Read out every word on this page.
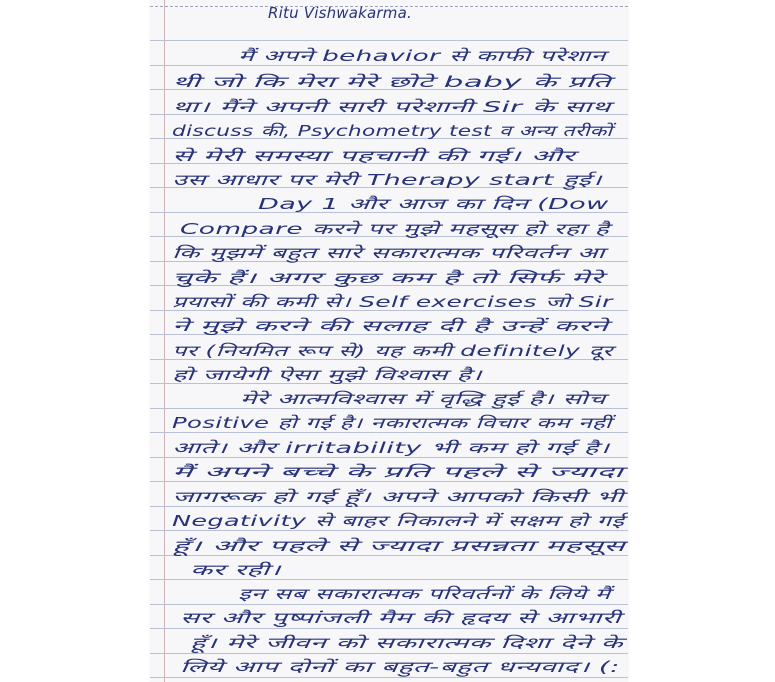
Ritu Vishwakarma.
मैं अपने behavior से काफी परेशान
थी जो कि मेरा मेरे छोटे baby के प्रति
था। मैंने अपनी सारी परेशानी Sir के साथ
discuss की, Psychometry test व अन्य तरीकों
से मेरी समस्या पहचानी की गई। और
उस आधार पर मेरी Therapy start हुई।
Day 1 और आज का दिन (Dow
Compare करने पर मुझे महसूस हो रहा है
कि मुझमें बहुत सारे सकारात्मक परिवर्तन आ
चुके हैं। अगर कुछ कम है तो सिर्फ मेरे
प्रयासों की कमी से। Self exercises जो Sir
ने मुझे करने की सलाह दी है उन्हें करने
पर (नियमित रूप से) यह कमी definitely दूर
हो जायेगी ऐसा मुझे विश्वास है।
मेरे आत्मविश्वास में वृद्धि हुई है। सोच
Positive हो गई है। नकारात्मक विचार कम नहीं
आते। और irritability भी कम हो गई है।
मैं अपने बच्चे के प्रति पहले से ज्यादा
जागरूक हो गई हूँ। अपने आपको किसी भी
Negativity से बाहर निकालने में सक्षम हो गई
हूँ। और पहले से ज्यादा प्रसन्नता महसूस
कर रही।
इन सब सकारात्मक परिवर्तनों के लिये मैं
सर और पुष्पांजली मैम की हृदय से आभारी
हूँ। मेरे जीवन को सकारात्मक दिशा देने के
लिये आप दोनों का बहुत-बहुत धन्यवाद। (:
